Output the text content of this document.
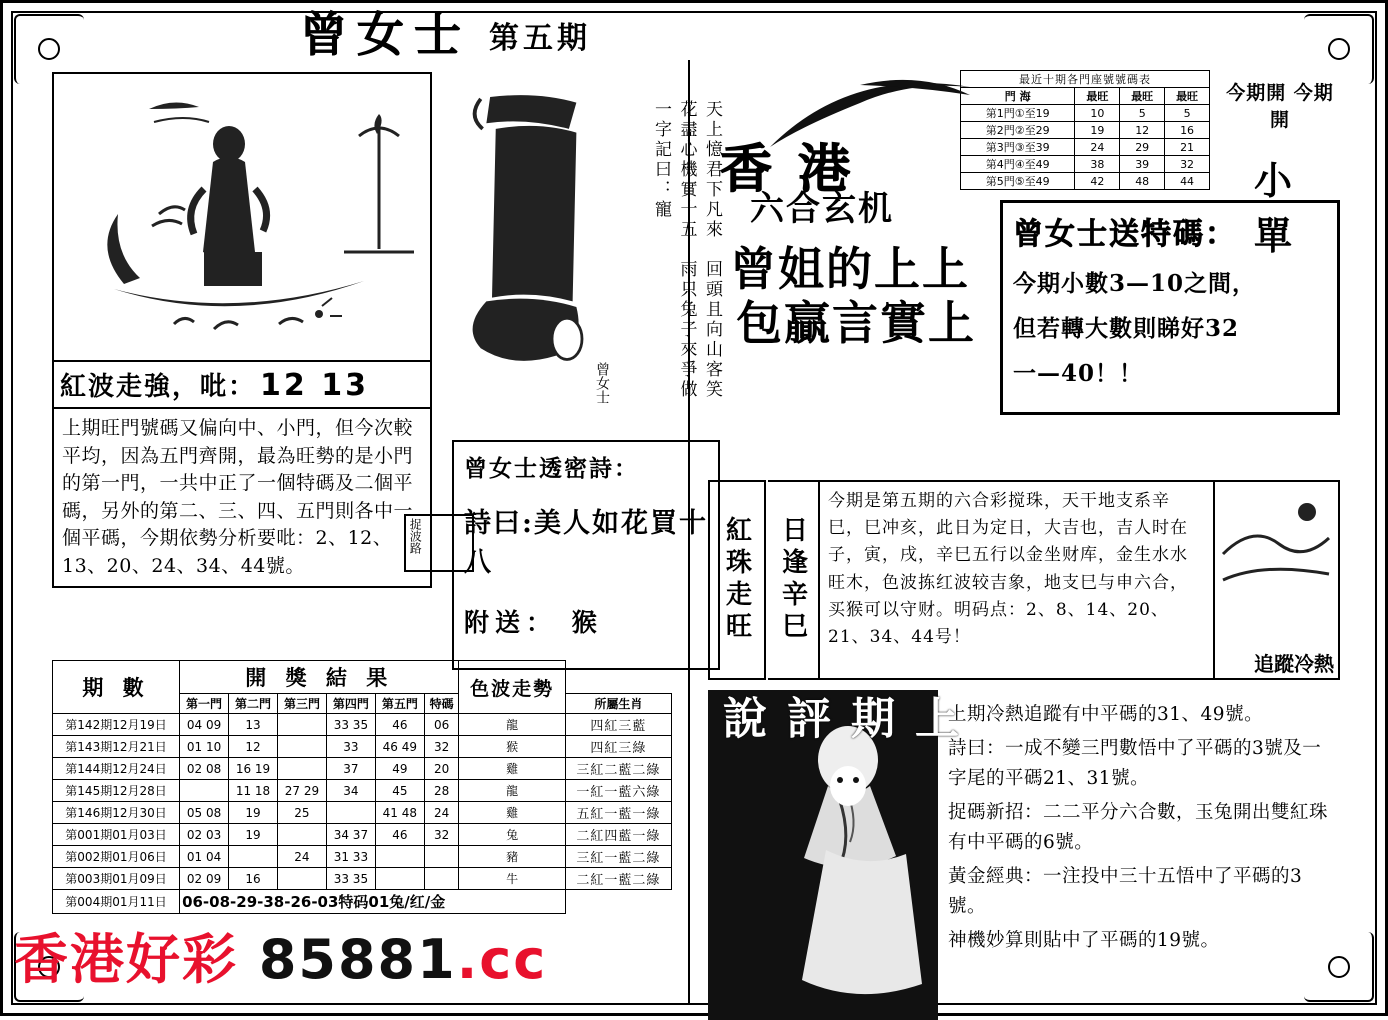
曾女士 第五期
紅波走強，吡： 12 13
上期旺門號碼又偏向中、小門，但今次較平均，因為五門齊開，最為旺勢的是小門的第一門，一共中正了一個特碼及二個平碼，另外的第二、三、四、五門則各中一個平碼，今期依勢分析要吡：2、12、13、20、24、34、44號。
天上憶君下凡來　回頭且向山客笑　花盡心機實十五　雨只兔子來爭做　一字記曰：寵
曾女士
曾女士透密詩：
詩曰:美人如花買十八
附送： 猴
捉波路
期 數	開 獎 結 果						色波走勢	
	第一門	第二門	第三門	第四門	第五門	特碼		所屬生肖
第142期12月19日	04 09	13		33 35	46	06	龍	四紅三藍
第143期12月21日	01 10	12		33	46 49	32	猴	四紅三綠
第144期12月24日	02 08	16 19		37	49	20	雞	三紅二藍二綠
第145期12月28日		11 18	27 29	34	45	28	龍	一紅一藍六綠
第146期12月30日	05 08	19	25		41 48	24	雞	五紅一藍一綠
第001期01月03日	02 03	19		34 37	46	32	兔	二紅四藍一綠
第002期01月06日	01 04		24	31 33			豬	三紅一藍二綠
第003期01月09日	02 09	16		33 35			牛	二紅一藍二綠
第004期01月11日	06-08-29-38-26-03特码01兔/红/金							
最近十期各門座號號碼表			
門 海	最旺	最旺	最旺
第1門①至19	10	5	5
第2門②至29	19	12	16
第3門③至39	24	29	21
第4門④至49	38	39	32
第5門⑤至49	42	48	44
今期開 今期開
小 單
香 港
六合玄机
曾姐的上上
包贏言實上
曾女士送特碼：
今期小數3—10之間，
但若轉大數則睇好32
一—40！！
紅珠走旺 日逢辛巳
今期是第五期的六合彩搅珠，天干地支系辛巳，巳冲亥，此日为定日，大吉也，吉人时在子，寅，戌，辛巳五行以金坐财库，金生水水旺木，色波拣红波较吉象，地支巳与申六合，买猴可以守财。明码点：2、8、14、20、21、34、44号！
追蹤冷熱
上期評說	上期冷熱追蹤有中平碼的31、49號。

詩曰：一成不變三門數悟中了平碼的3號及一字尾的平碼21、31號。

捉碼新招：二二平分六合數，玉兔開出雙紅珠有中平碼的6號。

黃金經典：一注投中三十五悟中了平碼的3號。

神機妙算則貼中了平碼的19號。

香港好彩 85881.cc
